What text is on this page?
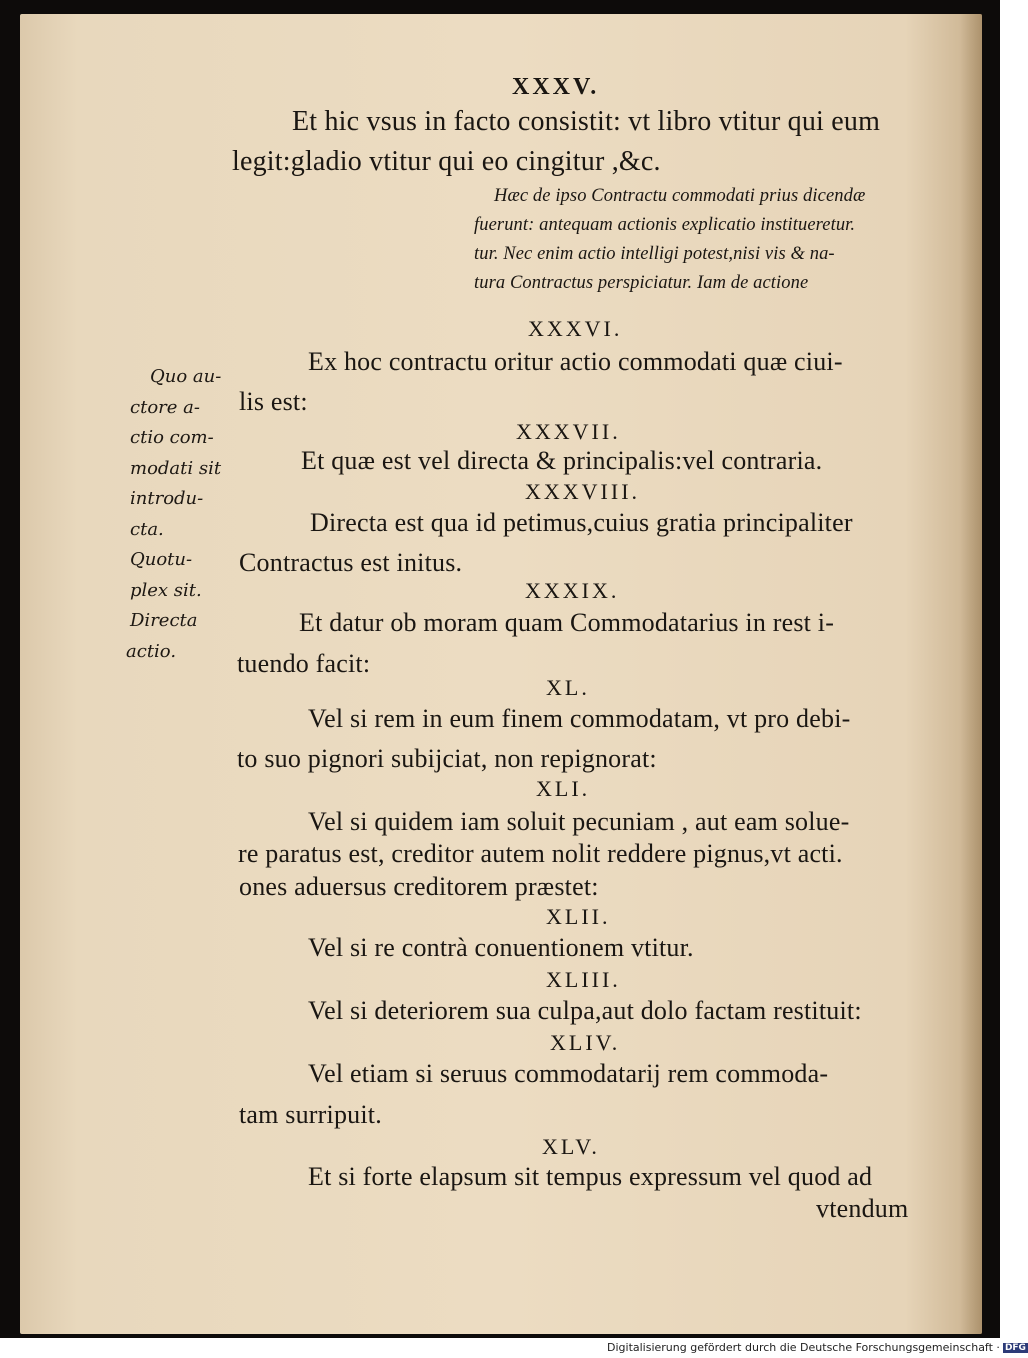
XXXV.
Et hic vsus in facto consistit: vt libro vtitur qui eum
legit:gladio vtitur qui eo cingitur ,&c.
Hæc de ipso Contractu commodati prius dicendæ
fuerunt: antequam actionis explicatio institueretur.
tur. Nec enim actio intelligi potest,nisi vis & na-
tura Contractus perspiciatur. Iam de actione
XXXVI.
Ex hoc contractu oritur actio commodati quæ ciui-
lis est:
XXXVII.
Et quæ est vel directa & principalis:vel contraria.
XXXVIII.
Directa est qua id petimus,cuius gratia principaliter
Contractus est initus.
XXXIX.
Et datur ob moram quam Commodatarius in rest i-
tuendo facit:
XL.
Vel si rem in eum finem commodatam, vt pro debi-
to suo pignori subijciat, non repignorat:
XLI.
Vel si quidem iam soluit pecuniam , aut eam solue-
re paratus est, creditor autem nolit reddere pignus,vt acti.
ones aduersus creditorem præstet:
XLII.
Vel si re contrà conuentionem vtitur.
XLIII.
Vel si deteriorem sua culpa,aut dolo factam restituit:
XLIV.
Vel etiam si seruus commodatarij rem commoda-
tam surripuit.
XLV.
Et si forte elapsum sit tempus expressum vel quod ad
vtendum
Quo au-
ctore a-
ctio com-
modati sit
introdu-
cta.
Quotu-
plex sit.
Directa
actio.
Digitalisierung gefördert durch die Deutsche Forschungsgemeinschaft · DFG
